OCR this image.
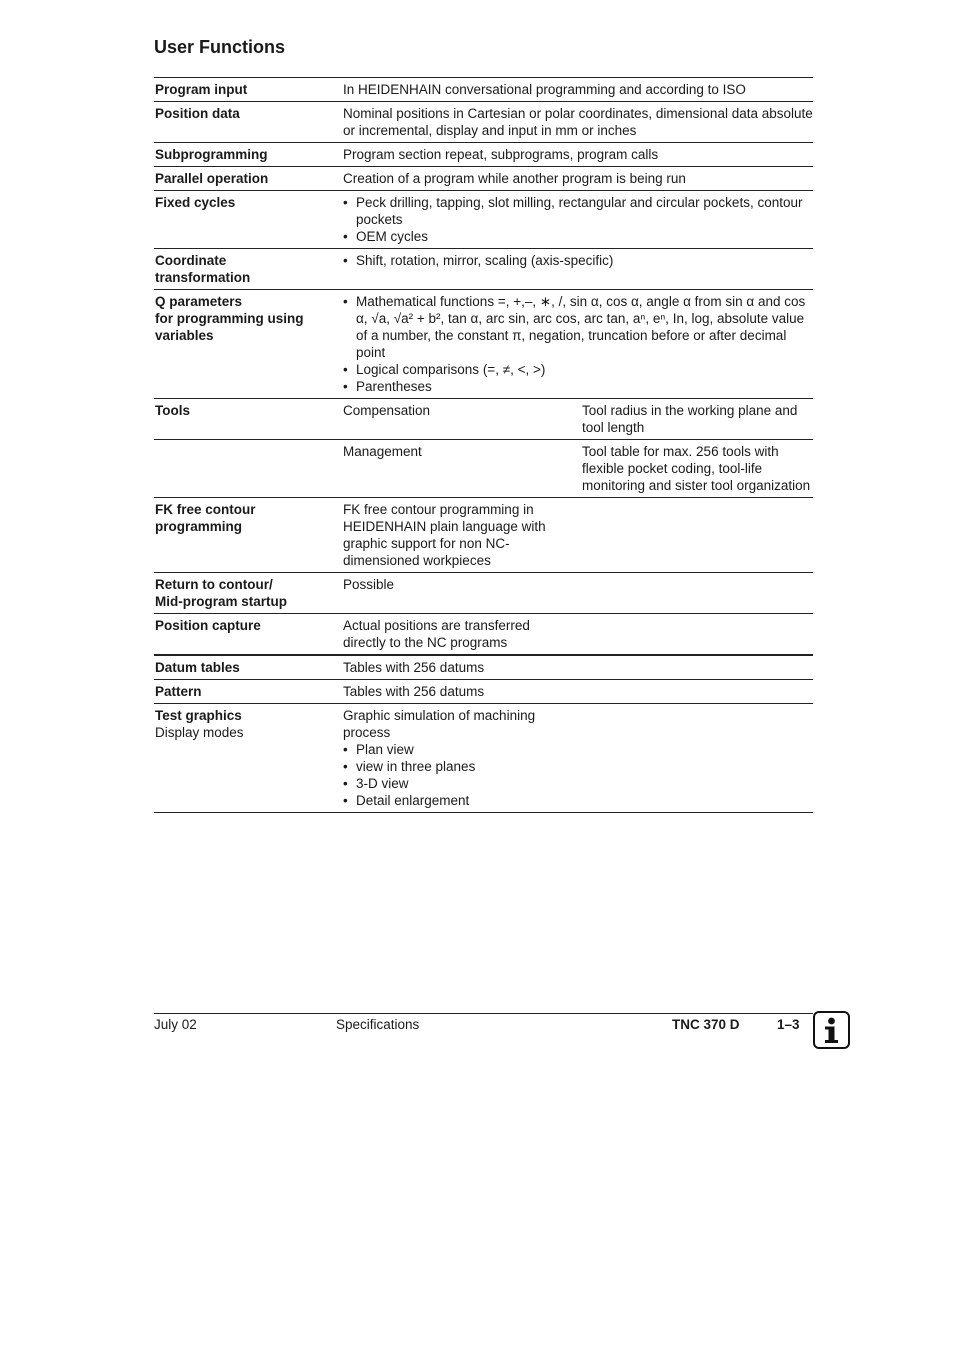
User Functions
Program input	In HEIDENHAIN conversational programming and according to ISO
Position data	Nominal positions in Cartesian or polar coordinates, dimensional data absolute or incremental, display and input in mm or inches
Subprogramming	Program section repeat, subprograms, program calls
Parallel operation	Creation of a program while another program is being run
Fixed cycles
•	Peck drilling, tapping, slot milling, rectangular and circular pockets, contour pockets
• OEM cycles
Coordinate
transformation
• Shift, rotation, mirror, scaling (axis-specific)
Q parameters
for programming using
variables
• Mathematical functions =, +,–, ∗, /, sin α, cos α, angle α from sin α and cos α, √a, √a² + b², tan α, arc sin, arc cos, arc tan, aⁿ, eⁿ, In, log, absolute value of a number, the constant π, negation, truncation before or after decimal point
• Logical comparisons (=, ≠, <, >)
• Parentheses
Tools	Compensation	Tool radius in the working plane and tool length
Management	Tool table for max. 256 tools with flexible pocket coding, tool-life monitoring and sister tool organization
FK free contour
programming

FK free contour programming in HEIDENHAIN plain language with graphic support for non NC-dimensioned workpieces

Return to contour/
Mid-program startup
Possible
Position capture	Actual positions are transferred directly to the NC programs

Datum tables	Tables with 256 datums
Pattern	Tables with 256 datums
Test graphics
Display modes

Graphic simulation of machining process

• Plan view
• view in three planes
• 3-D view
• Detail enlargement
July 02	Specifications	TNC 370 D	1–3
